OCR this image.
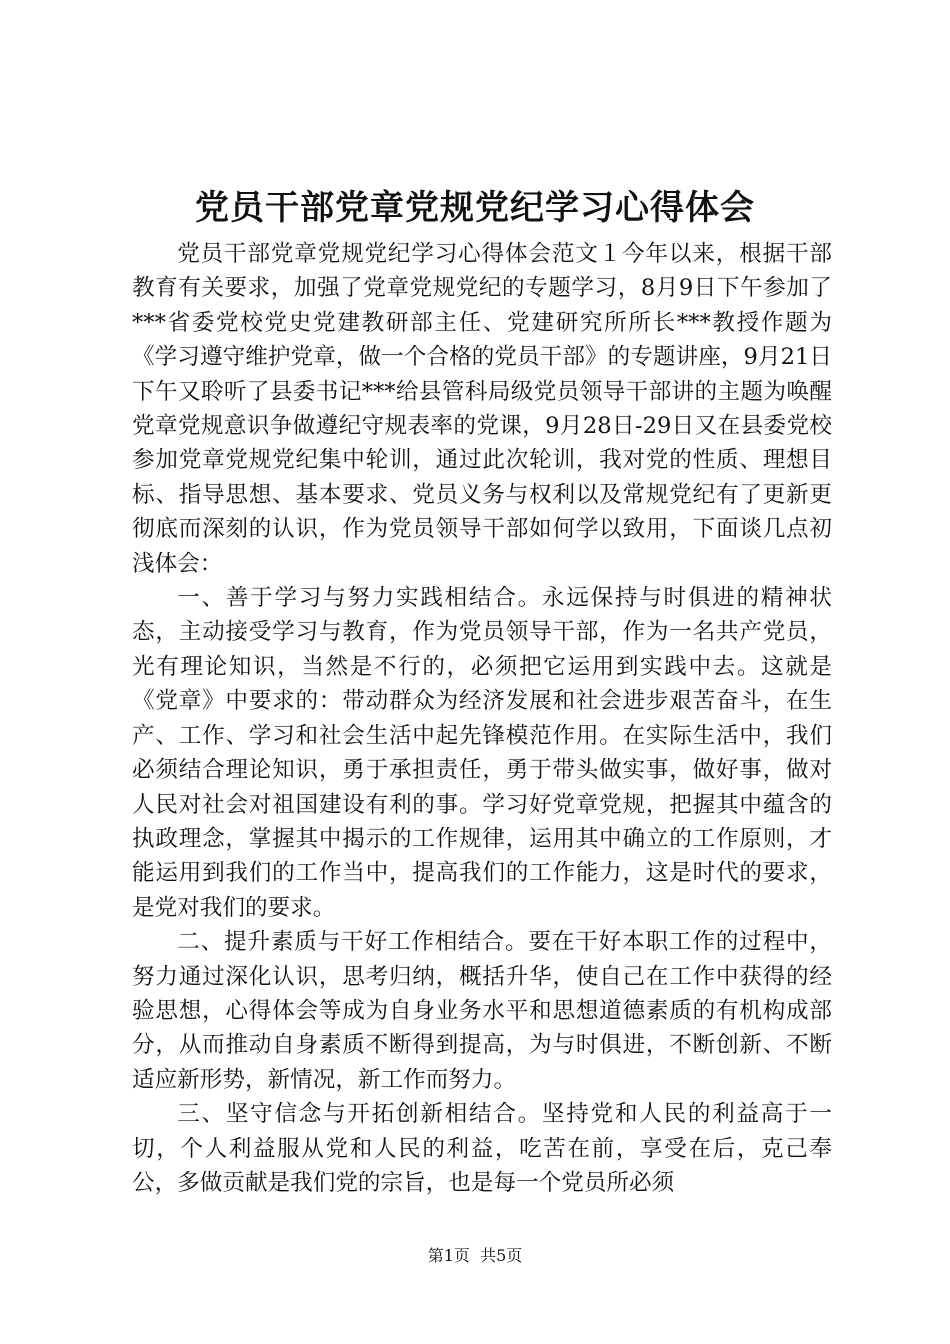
党员干部党章党规党纪学习心得体会

党员干部党章党规党纪学习心得体会范文１今年以来，根据干部教育有关要求，加强了党章党规党纪的专题学习，8月9日下午参加了***省委党校党史党建教研部主任、党建研究所所长***教授作题为《学习遵守维护党章，做一个合格的党员干部》的专题讲座，9月21日下午又聆听了县委书记***给县管科局级党员领导干部讲的主题为唤醒党章党规意识争做遵纪守规表率的党课，9月28日-29日又在县委党校参加党章党规党纪集中轮训，通过此次轮训，我对党的性质、理想目标、指导思想、基本要求、党员义务与权利以及常规党纪有了更新更彻底而深刻的认识，作为党员领导干部如何学以致用，下面谈几点初浅体会：

一、善于学习与努力实践相结合。永远保持与时俱进的精神状态，主动接受学习与教育，作为党员领导干部，作为一名共产党员，光有理论知识，当然是不行的，必须把它运用到实践中去。这就是《党章》中要求的：带动群众为经济发展和社会进步艰苦奋斗，在生产、工作、学习和社会生活中起先锋模范作用。在实际生活中，我们必须结合理论知识，勇于承担责任，勇于带头做实事，做好事，做对人民对社会对祖国建设有利的事。学习好党章党规，把握其中蕴含的执政理念，掌握其中揭示的工作规律，运用其中确立的工作原则，才能运用到我们的工作当中，提高我们的工作能力，这是时代的要求，是党对我们的要求。

二、提升素质与干好工作相结合。要在干好本职工作的过程中，努力通过深化认识，思考归纳，概括升华，使自己在工作中获得的经验思想，心得体会等成为自身业务水平和思想道德素质的有机构成部分，从而推动自身素质不断得到提高，为与时俱进，不断创新、不断适应新形势，新情况，新工作而努力。

三、坚守信念与开拓创新相结合。坚持党和人民的利益高于一切，个人利益服从党和人民的利益，吃苦在前，享受在后，克己奉公，多做贡献是我们党的宗旨，也是每一个党员所必须

第1页 共5页
